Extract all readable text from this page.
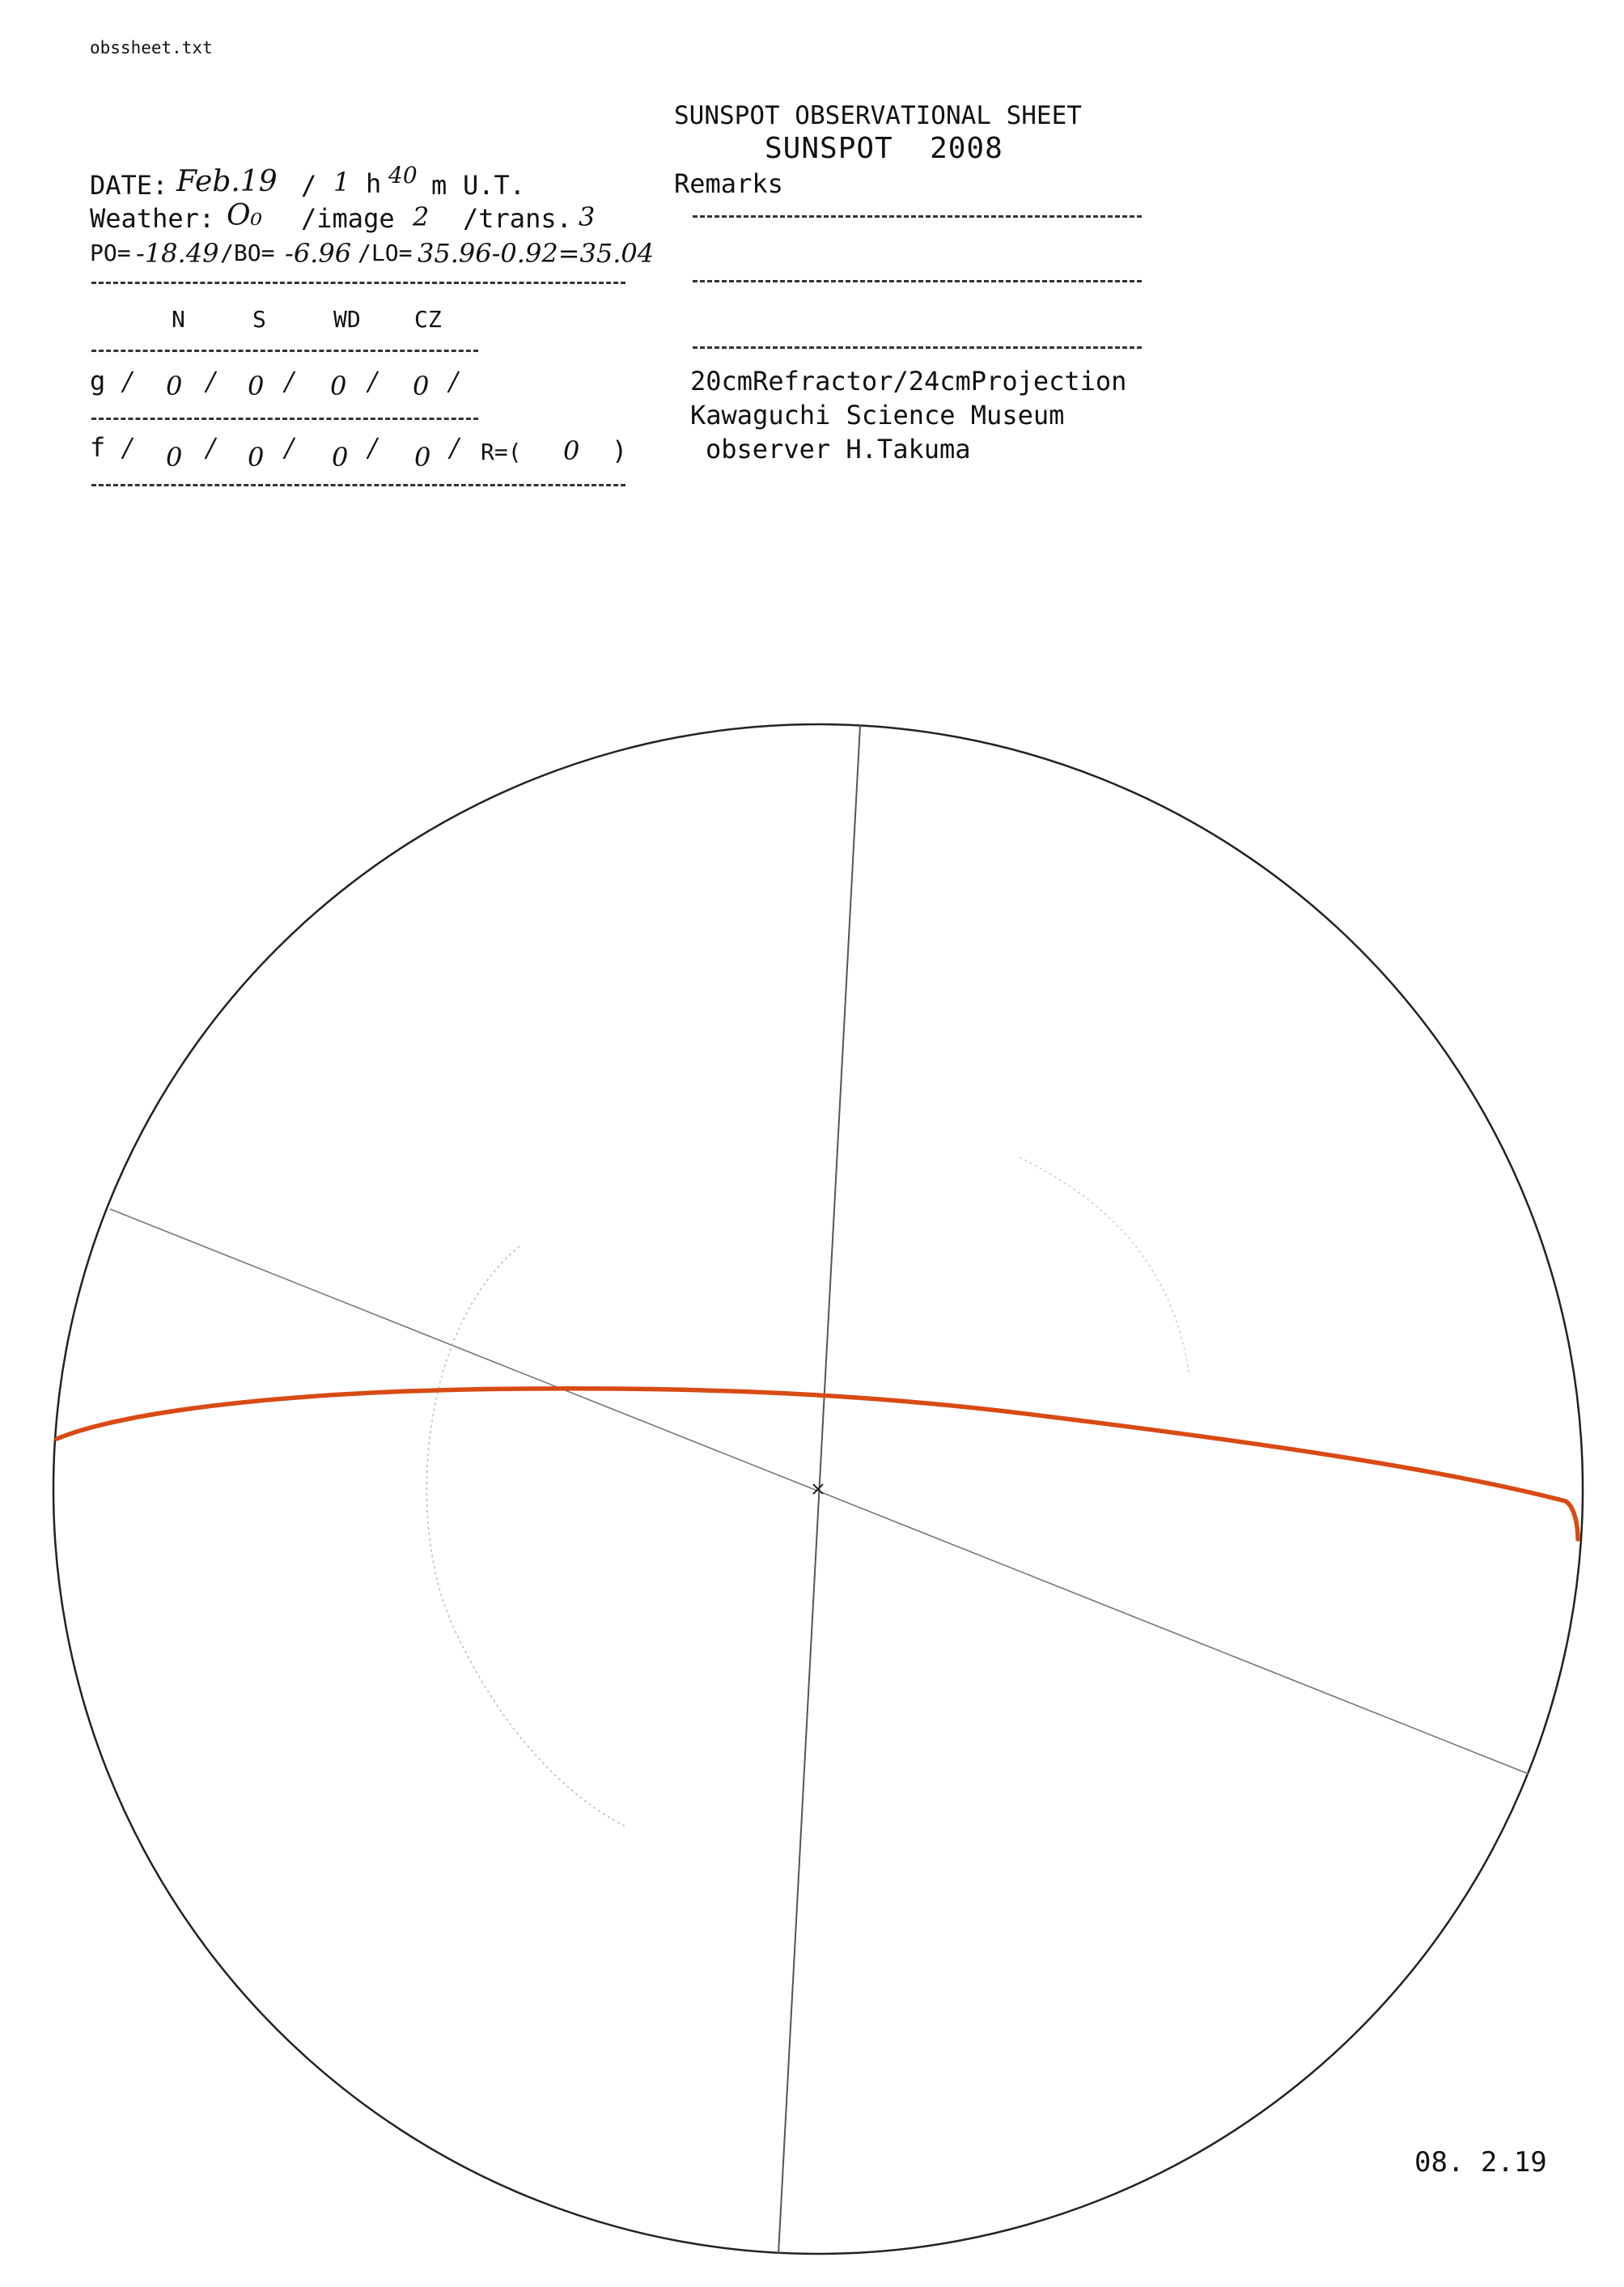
obssheet.txt
SUNSPOT OBSERVATIONAL SHEET
SUNSPOT  2008
DATE: Feb.19 / 1 h 40 m U.T.
Weather: O₀ /image 2 /trans. 3
PO= -18.49 /BO= -6.96 /LO= 35.96-0.92=35.04
N	S	WD CZ
g / 0 / 0 / 0 / 0 /
f / 0 / 0 / 0 / 0 / R=( 0 )
Remarks
20cmRefractor/24cmProjection
Kawaguchi Science Museum
observer H.Takuma
08. 2.19
